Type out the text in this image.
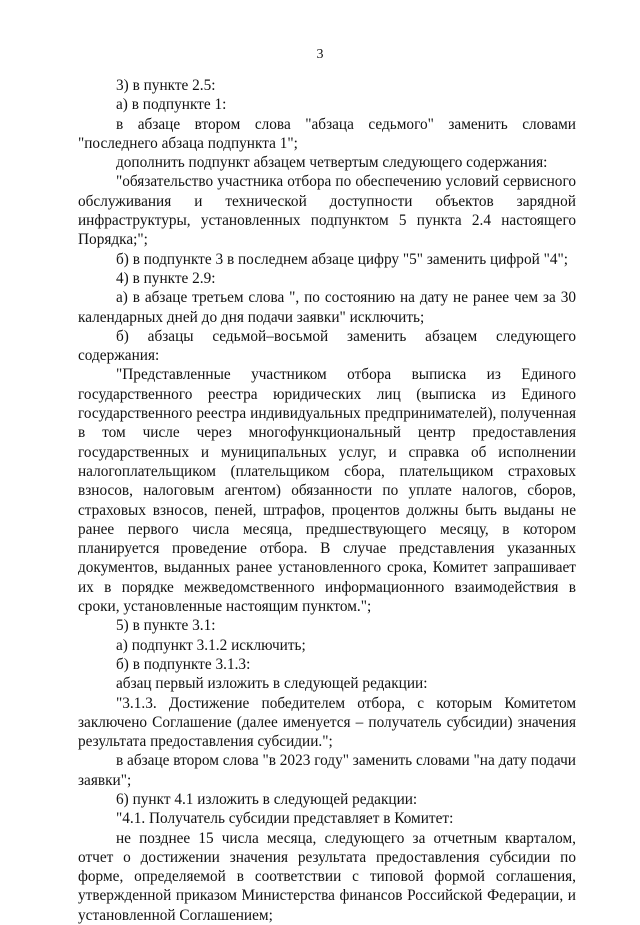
3

3) в пункте 2.5:

а) в подпункте 1:

в абзаце втором слова "абзаца седьмого" заменить словами "последнего абзаца подпункта 1";

дополнить подпункт абзацем четвертым следующего содержания:

"обязательство участника отбора по обеспечению условий сервисного обслуживания и технической доступности объектов зарядной инфраструктуры, установленных подпунктом 5 пункта 2.4 настоящего Порядка;";

б) в подпункте 3 в последнем абзаце цифру "5" заменить цифрой "4";

4) в пункте 2.9:

а) в абзаце третьем слова ", по состоянию на дату не ранее чем за 30 календарных дней до дня подачи заявки" исключить;

б) абзацы седьмой–восьмой заменить абзацем следующего содержания:

"Представленные участником отбора выписка из Единого государственного реестра юридических лиц (выписка из Единого государственного реестра индивидуальных предпринимателей), полученная в том числе через многофункциональный центр предоставления государственных и муниципальных услуг, и справка об исполнении налогоплательщиком (плательщиком сбора, плательщиком страховых взносов, налоговым агентом) обязанности по уплате налогов, сборов, страховых взносов, пеней, штрафов, процентов должны быть выданы не ранее первого числа месяца, предшествующего месяцу, в котором планируется проведение отбора. В случае представления указанных документов, выданных ранее установленного срока, Комитет запрашивает их в порядке межведомственного информационного взаимодействия в сроки, установленные настоящим пунктом.";

5) в пункте 3.1:

а) подпункт 3.1.2 исключить;

б) в подпункте 3.1.3:

абзац первый изложить в следующей редакции:

"3.1.3. Достижение победителем отбора, с которым Комитетом заключено Соглашение (далее именуется – получатель субсидии) значения результата предоставления субсидии.";

в абзаце втором слова "в 2023 году" заменить словами "на дату подачи заявки";

6) пункт 4.1 изложить в следующей редакции:

"4.1. Получатель субсидии представляет в Комитет:

не позднее 15 числа месяца, следующего за отчетным кварталом, отчет о достижении значения результата предоставления субсидии по форме, определяемой в соответствии с типовой формой соглашения, утвержденной приказом Министерства финансов Российской Федерации, и установленной Соглашением;
